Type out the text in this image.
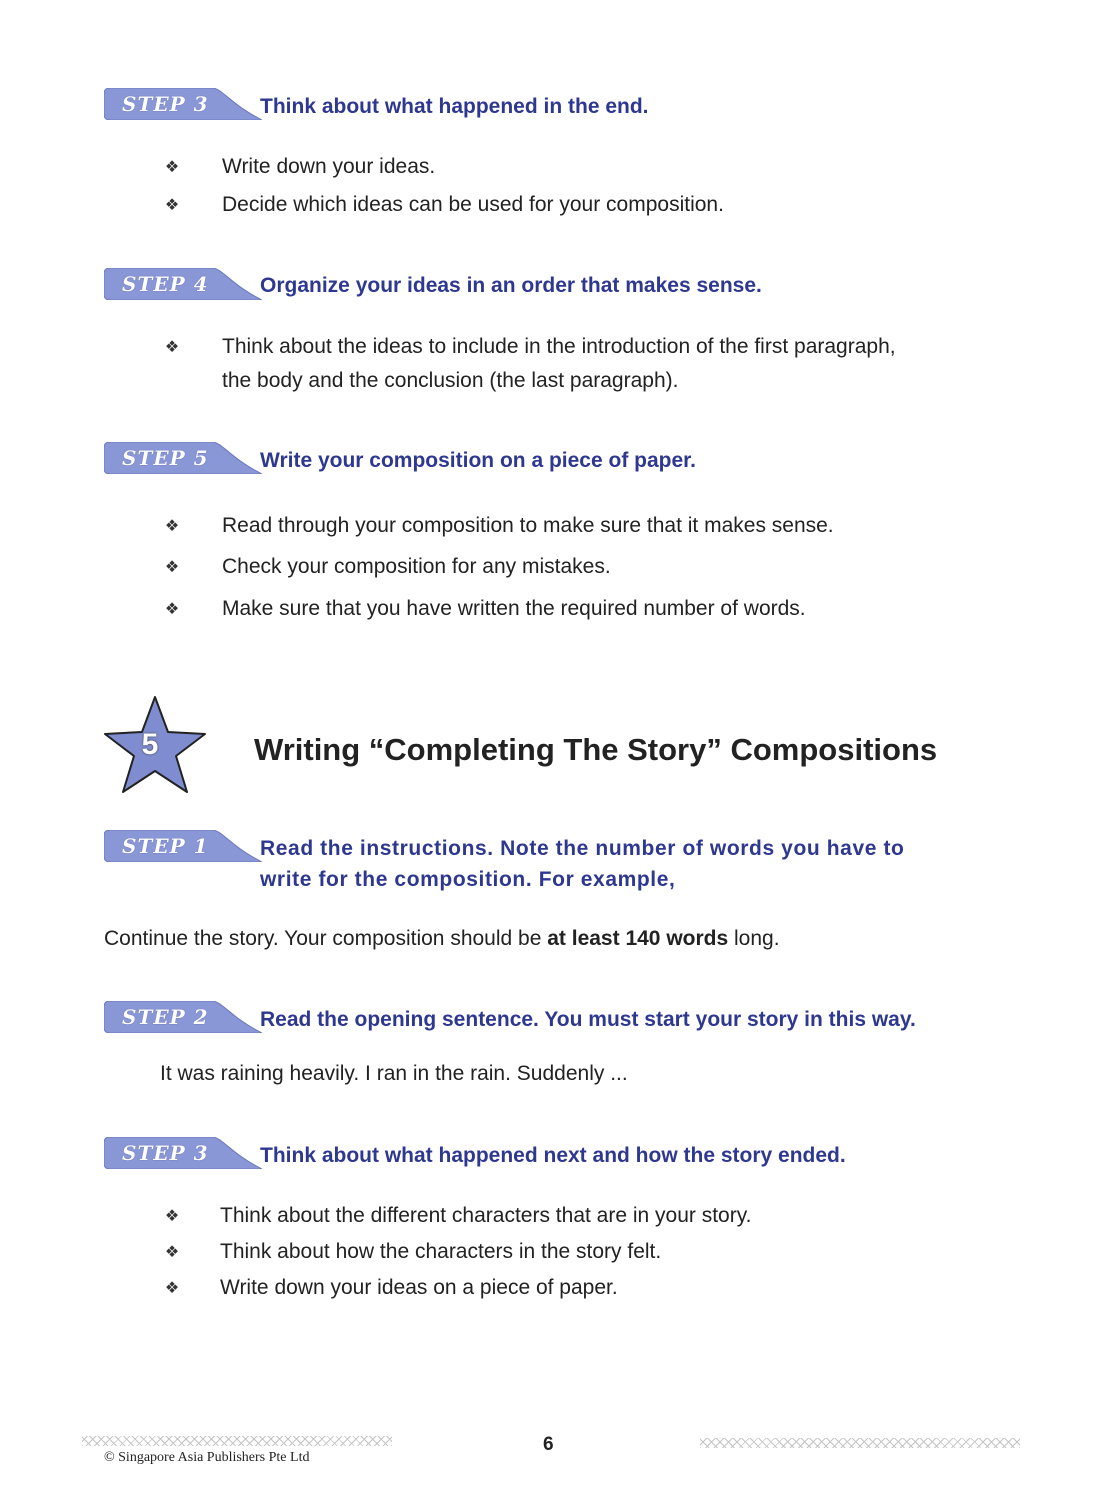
STEP 3 Think about what happened in the end.
❖ Write down your ideas.
❖ Decide which ideas can be used for your composition.
STEP 4 Organize your ideas in an order that makes sense.
❖ Think about the ideas to include in the introduction of the first paragraph,
the body and the conclusion (the last paragraph).
STEP 5 Write your composition on a piece of paper.
❖ Read through your composition to make sure that it makes sense.
❖ Check your composition for any mistakes.
❖ Make sure that you have written the required number of words.
5	Writing “Completing The Story” Compositions
STEP 1 Read the instructions. Note the number of words you have to
write for the composition. For example,
Continue the story. Your composition should be at least 140 words long.
STEP 2 Read the opening sentence. You must start your story in this way.
It was raining heavily. I ran in the rain. Suddenly ...
STEP 3 Think about what happened next and how the story ended.
❖ Think about the different characters that are in your story.
❖ Think about how the characters in the story felt.
❖ Write down your ideas on a piece of paper.
6
© Singapore Asia Publishers Pte Ltd
